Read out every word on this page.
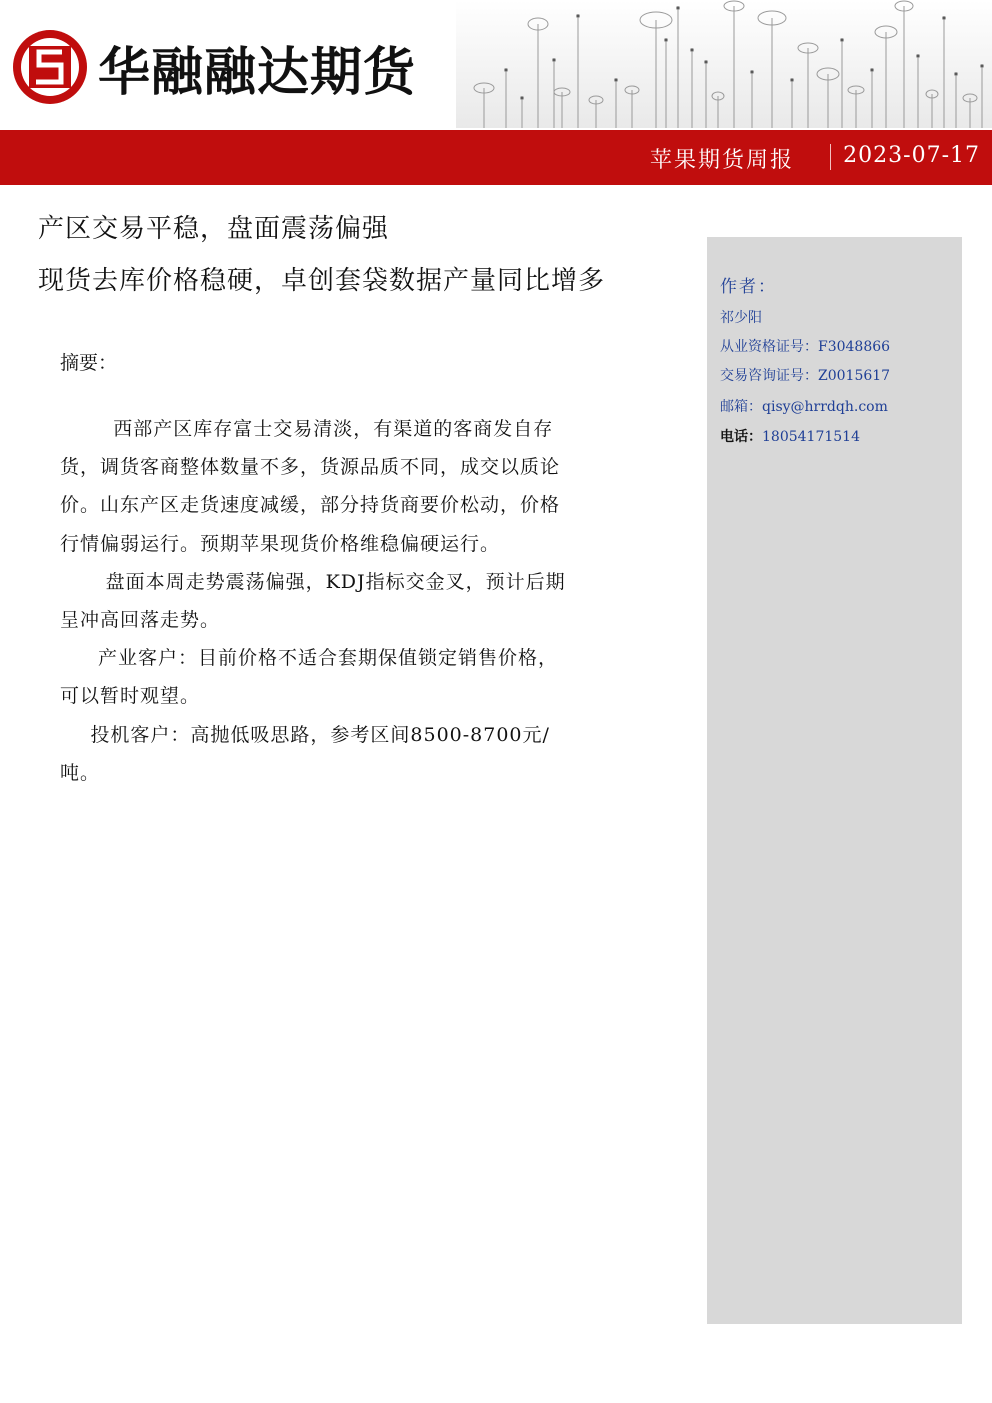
华融融达期货
苹果期货周报 2023-07-17
产区交易平稳，盘面震荡偏强
现货去库价格稳硬，卓创套袋数据产量同比增多
摘要：

西部产区库存富士交易清淡，有渠道的客商发自存货，调货客商整体数量不多，货源品质不同，成交以质论价。山东产区走货速度减缓，部分持货商要价松动，价格行情偏弱运行。预期苹果现货价格维稳偏硬运行。

盘面本周走势震荡偏强，KDJ指标交金叉，预计后期呈冲高回落走势。

产业客户：目前价格不适合套期保值锁定销售价格，可以暂时观望。

投机客户：高抛低吸思路，参考区间8500-8700元/吨。

作者：
祁少阳
从业资格证号：F3048866
交易咨询证号：Z0015617
邮箱：qisy@hrrdqh.com
电话：18054171514
